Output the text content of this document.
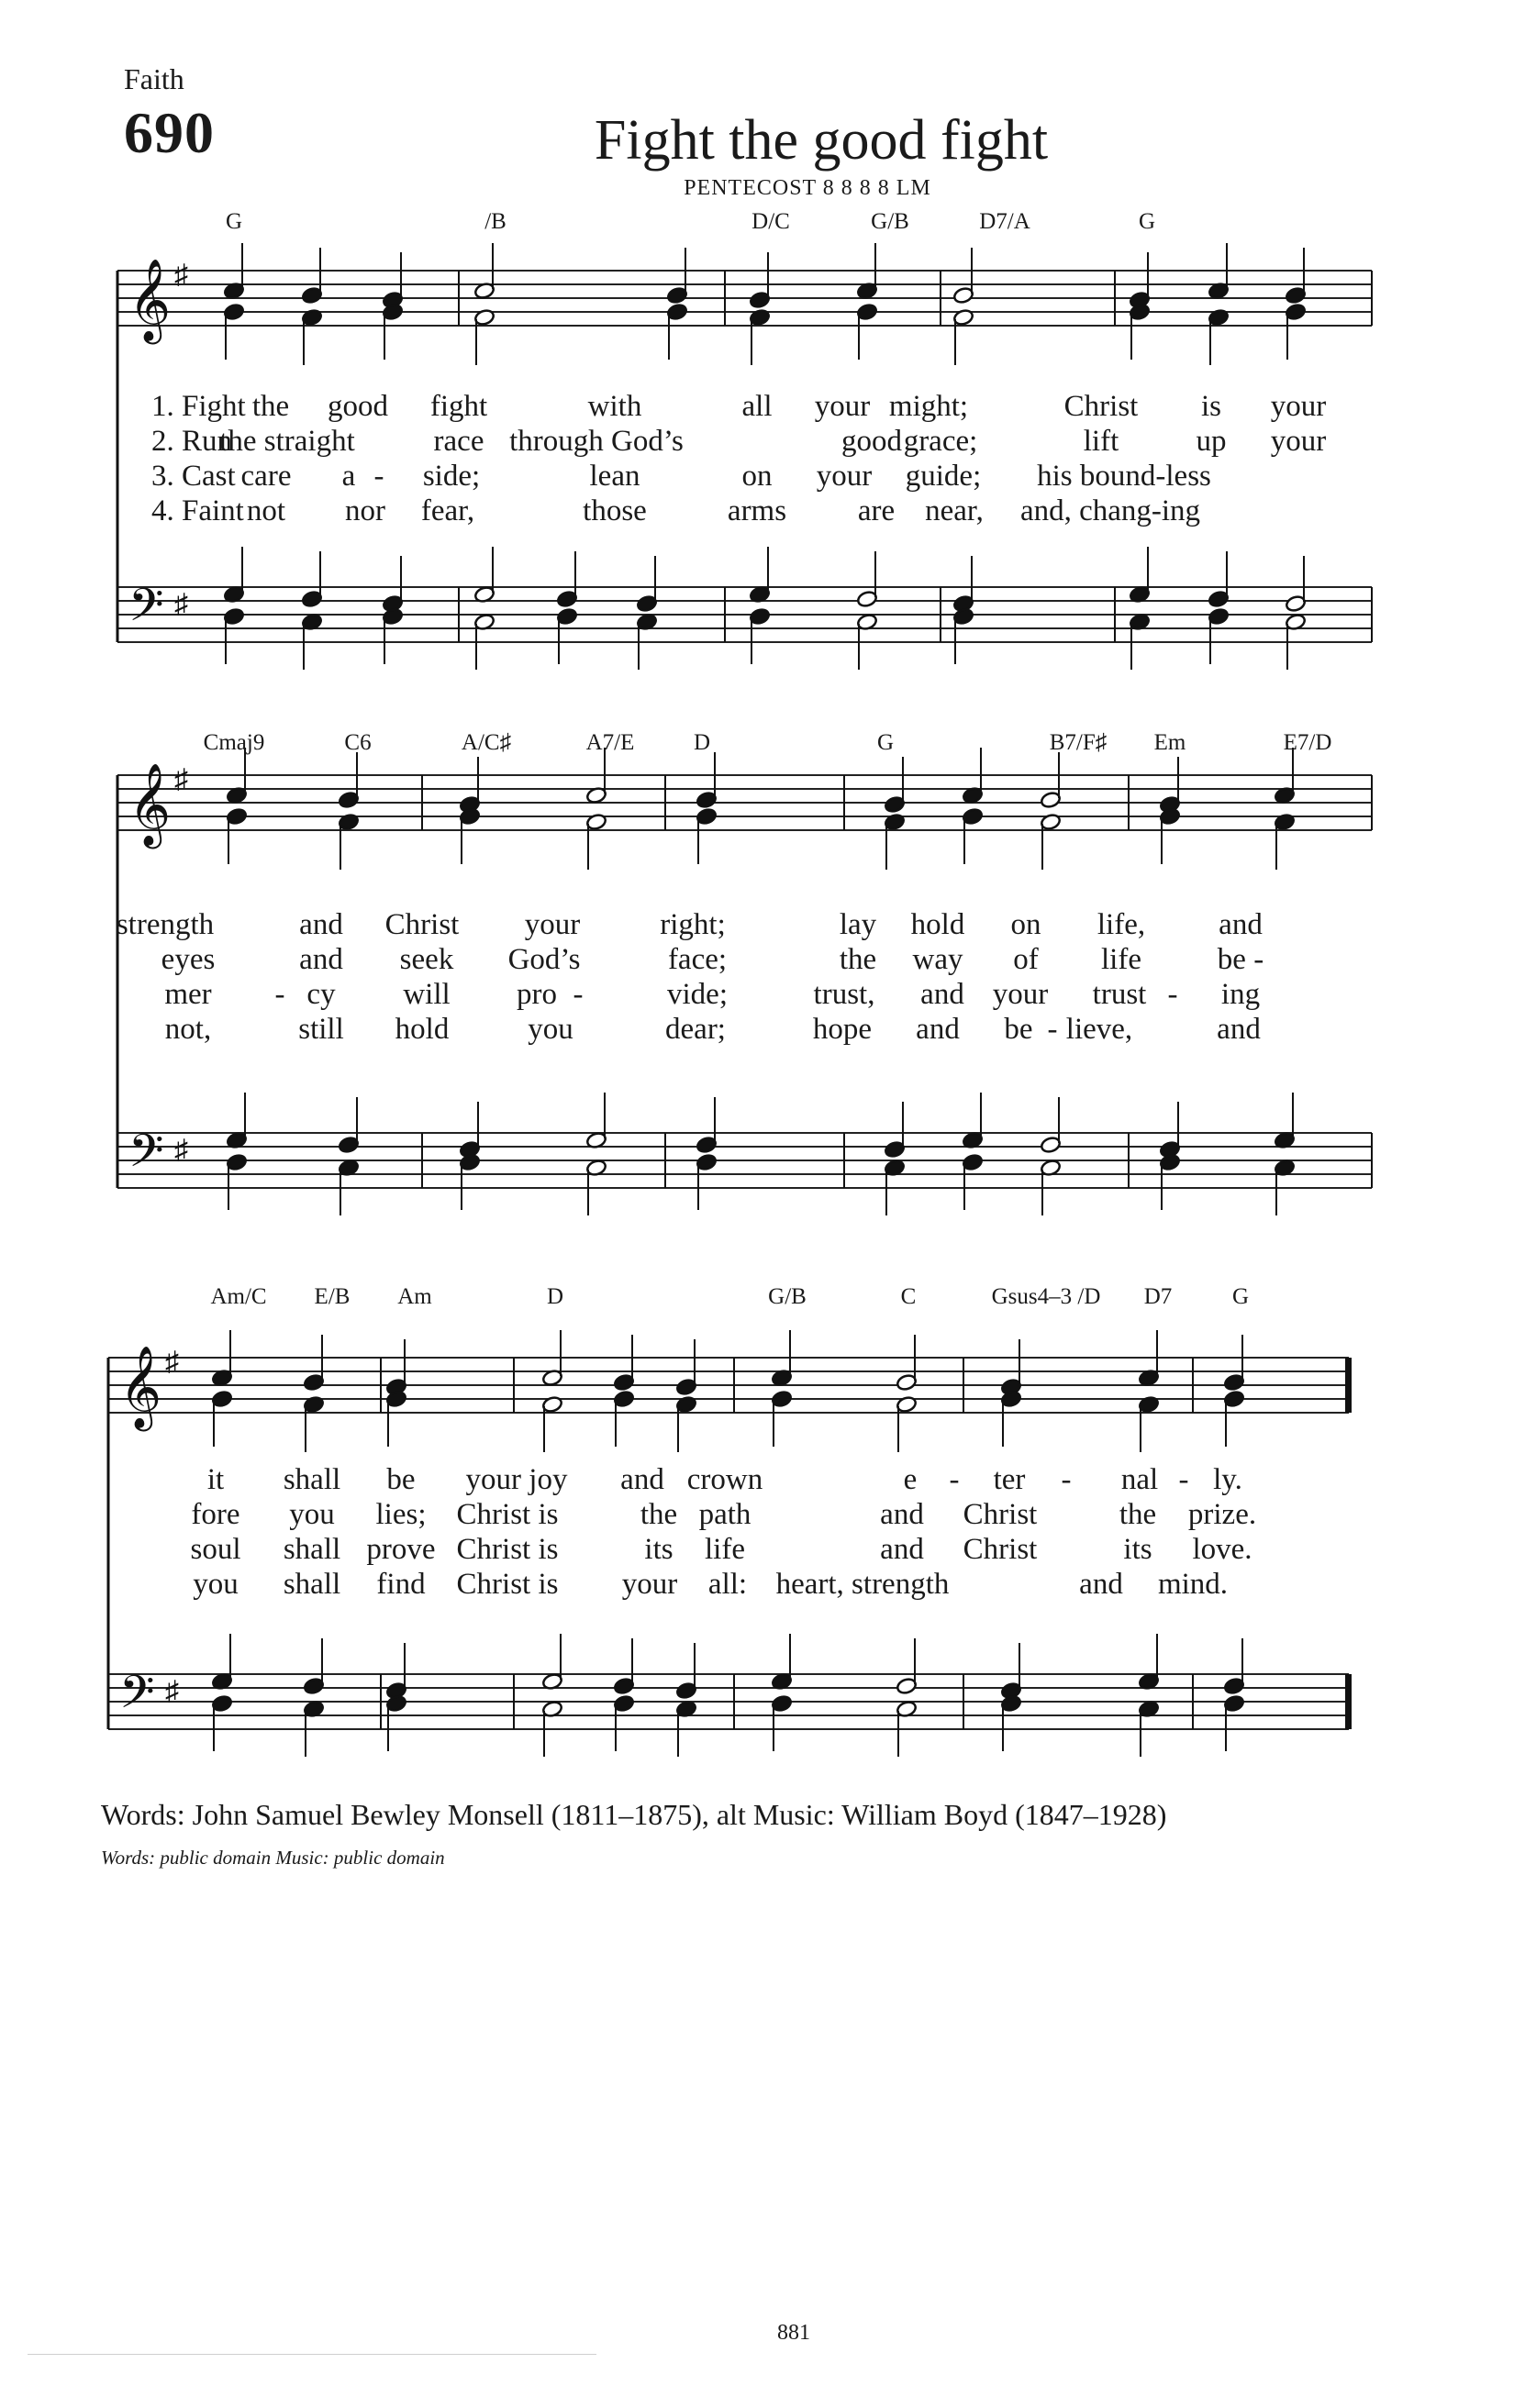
Faith
690	Fight the good fight
PENTECOST 8 8 8 8 LM
𝄞
𝄢
♯
♯
𝄞
𝄢
♯
♯
𝄞
𝄢
♯
♯
G	/B	D/C	G/B	D7/A	G
Cmaj9	C6	A/C♯	A7/E	D	G	B7/F♯ Em	E7/D
Am/C E/B Am	D	G/B	C	Gsus4–3 /D D7	G
1. Fight the good fight	with	all your might;	Christ is your
2. Run
the straight	race through God’s	good grace;	lift	up your
3. Cast care a - side;	lean	on your guide; his bound-less
4. Faint not nor fear,	those	arms are near, and, chang-ing
strength	and Christ your	right;	lay hold on life, and
eyes	and seek God’s	face;	the way of life	be -
mer - cy will pro -	vide;	trust, and your trust - ing
not,	still hold	you	dear;	hope and be - lieve,	and
it shall be your joy and crown	e - ter - nal - ly.
fore you lies; Christ is	the path	and Christ	the prize.
soul shall prove Christ is	its life	and Christ	its love.
you shall find Christ is your all: heart, strength	and mind.
Words: John Samuel Bewley Monsell (1811–1875), alt Music: William Boyd (1847–1928)
Words: public domain Music: public domain
881
